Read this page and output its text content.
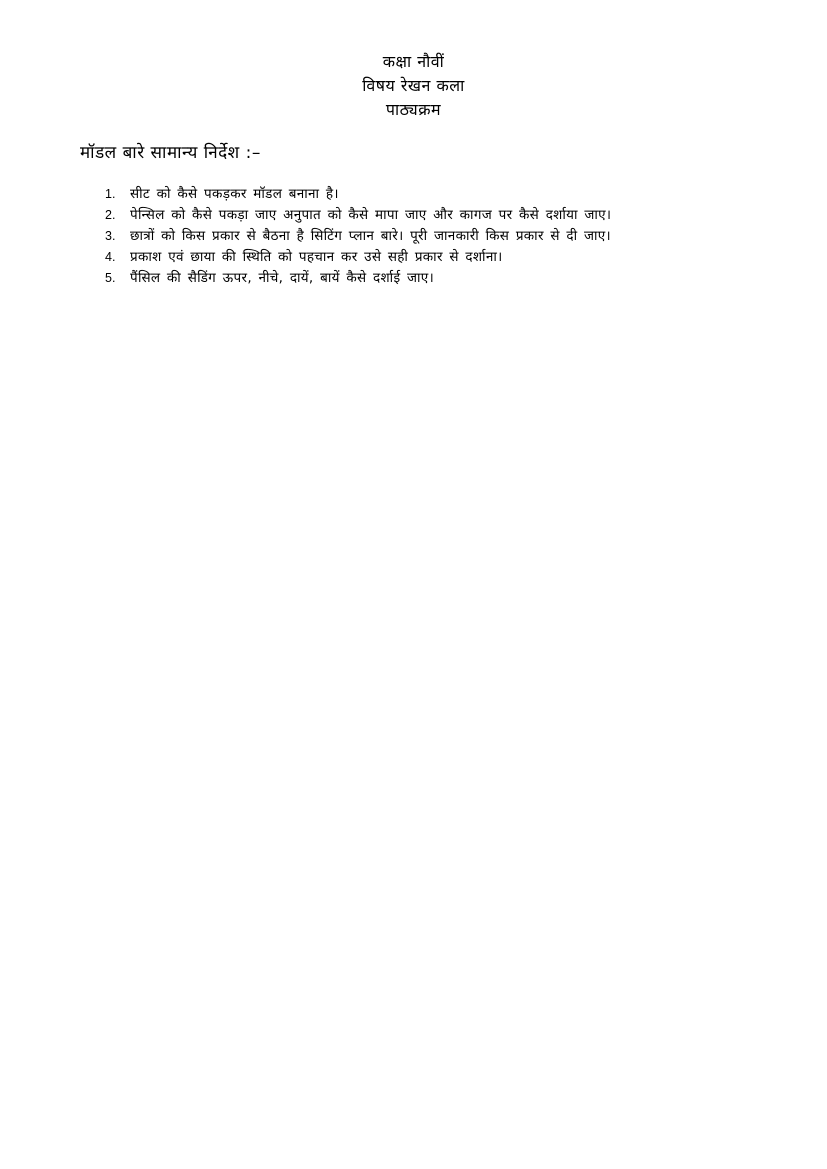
कक्षा नौवीं
विषय रेखन कला
पाठ्यक्रम
मॉडल बारे सामान्य निर्देश :–
1.	सीट को कैसे पकड़कर मॉडल बनाना है।
2.	पेन्सिल को कैसे पकड़ा जाए अनुपात को कैसे मापा जाए और कागज पर कैसे दर्शाया जाए।
3.	छात्रों को किस प्रकार से बैठना है सिटिंग प्लान बारे। पूरी जानकारी किस प्रकार से दी जाए।
4.	प्रकाश एवं छाया की स्थिति को पहचान कर उसे सही प्रकार से दर्शाना।
5.	पैंसिल की सैडिंग ऊपर, नीचे, दायें, बायें कैसे दर्शाई जाए।
